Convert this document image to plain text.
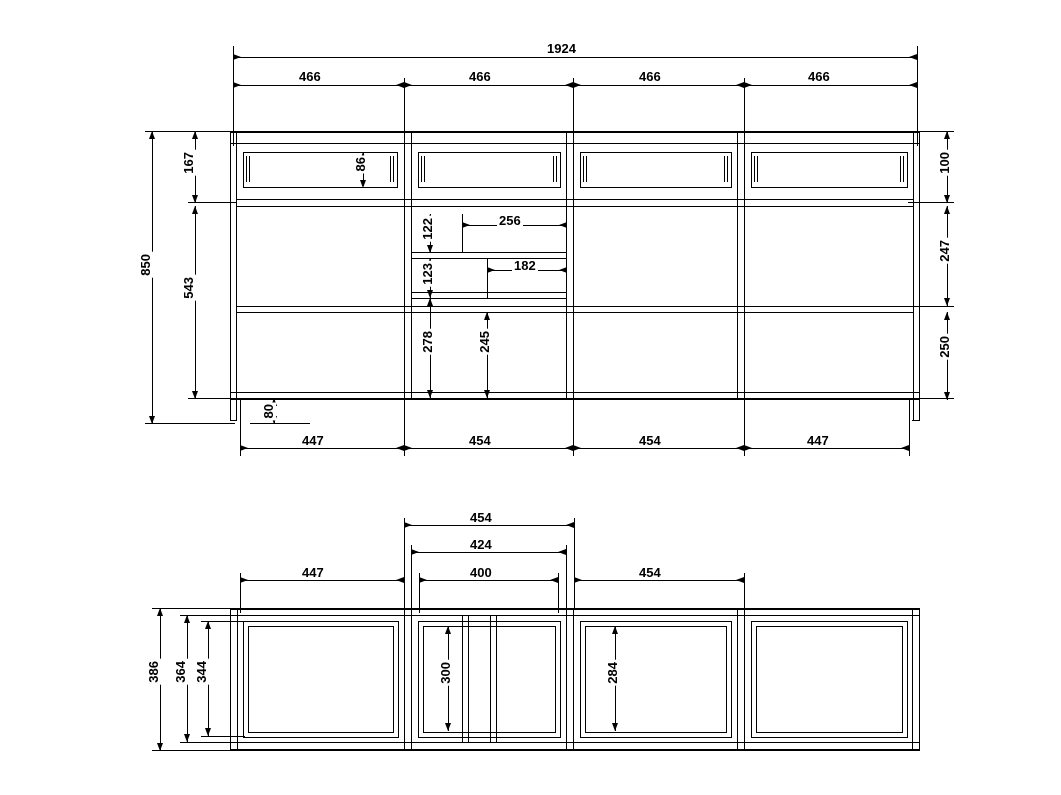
1924
466	466	466	466
850
167
543
80
100
247
250
86
122	256
123	182
278	245
447	454	454	447
454
424
400
447	454
386 364 344	300	284
